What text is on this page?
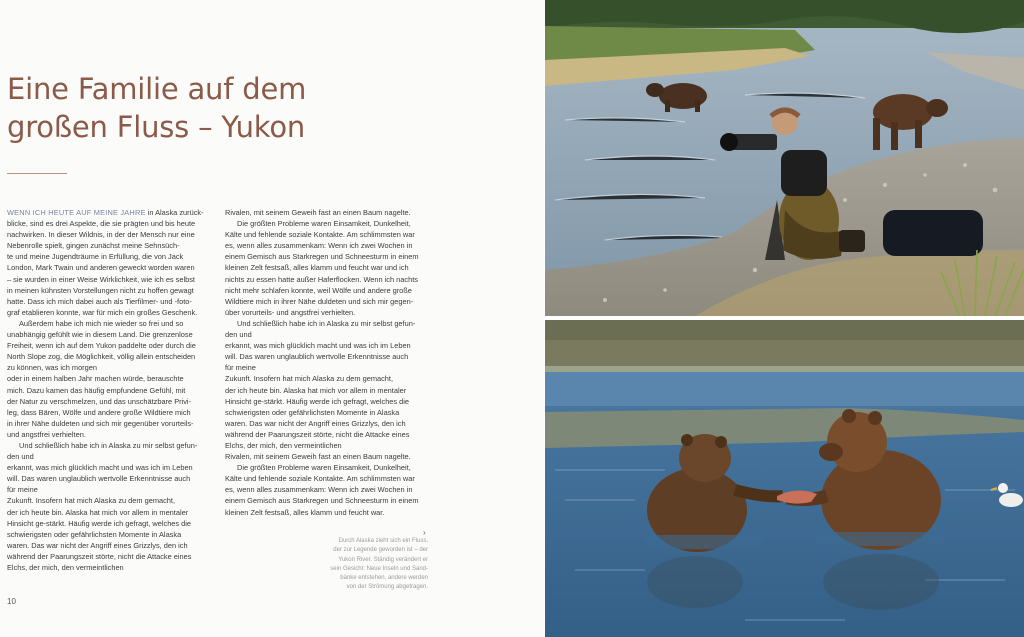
Eine Familie auf dem
großen Fluss – Yukon

WENN ICH HEUTE AUF MEINE JAHRE in Alaska zurück-
blicke, sind es drei Aspekte, die sie prägten und bis heute
nachwirken. In dieser Wildnis, in der der Mensch nur eine
Nebenrolle spielt, gingen zunächst meine Sehnsüch-
te und meine Jugendträume in Erfüllung, die von Jack
London, Mark Twain und anderen geweckt worden waren
– sie wurden in einer Weise Wirklichkeit, wie ich es selbst
in meinen kühnsten Vorstellungen nicht zu hoffen gewagt
hatte. Dass ich mich dabei auch als Tierfilmer- und -foto-
graf etablieren konnte, war für mich ein großes Geschenk.

Außerdem habe ich mich nie wieder so frei und so
unabhängig gefühlt wie in diesem Land. Die grenzenlose
Freiheit, wenn ich auf dem Yukon paddelte oder durch die
North Slope zog, die Möglichkeit, völlig allein entscheiden
zu können, was ich morgen
oder in einem halben Jahr machen würde, berauschte
mich. Dazu kamen das häufig empfundene Gefühl, mit
der Natur zu verschmelzen, und das unschätzbare Privi-
leg, dass Bären, Wölfe und andere große Wildtiere mich
in ihrer Nähe duldeten und sich mir gegenüber vorurteils-
und angstfrei verhielten.

Und schließlich habe ich in Alaska zu mir selbst gefun-
den und
erkannt, was mich glücklich macht und was ich im Leben
will. Das waren unglaublich wertvolle Erkenntnisse auch
für meine
Zukunft. Insofern hat mich Alaska zu dem gemacht,
der ich heute bin. Alaska hat mich vor allem in mentaler
Hinsicht ge-stärkt. Häufig werde ich gefragt, welches die
schwierigsten oder gefährlichsten Momente in Alaska
waren. Das war nicht der Angriff eines Grizzlys, den ich
während der Paarungszeit störte, nicht die Attacke eines
Elchs, der mich, den vermeintlichen

Rivalen, mit seinem Geweih fast an einen Baum nagelte.

Die größten Probleme waren Einsamkeit, Dunkelheit,
Kälte und fehlende soziale Kontakte. Am schlimmsten war
es, wenn alles zusammenkam: Wenn ich zwei Wochen in
einem Gemisch aus Starkregen und Schneesturm in einem
kleinen Zelt festsaß, alles klamm und feucht war und ich
nichts zu essen hatte außer Haferflocken. Wenn ich nachts
nicht mehr schlafen konnte, weil Wölfe und andere große
Wildtiere mich in ihrer Nähe duldeten und sich mir gegen-
über vorurteils- und angstfrei verhielten.

Und schließlich habe ich in Alaska zu mir selbst gefun-
den und
erkannt, was mich glücklich macht und was ich im Leben
will. Das waren unglaublich wertvolle Erkenntnisse auch
für meine
Zukunft. Insofern hat mich Alaska zu dem gemacht,
der ich heute bin. Alaska hat mich vor allem in mentaler
Hinsicht ge-stärkt. Häufig werde ich gefragt, welches die
schwierigsten oder gefährlichsten Momente in Alaska
waren. Das war nicht der Angriff eines Grizzlys, den ich
während der Paarungszeit störte, nicht die Attacke eines
Elchs, der mich, den vermeintlichen
Rivalen, mit seinem Geweih fast an einen Baum nagelte.

Die größten Probleme waren Einsamkeit, Dunkelheit,
Kälte und fehlende soziale Kontakte. Am schlimmsten war
es, wenn alles zusammenkam: Wenn ich zwei Wochen in
einem Gemisch aus Starkregen und Schneesturm in einem
kleinen Zelt festsaß, alles klamm und feucht war.

›

Durch Alaska zieht sich ein Fluss,

der zur Legende geworden ist – der

Yukon River. Ständig verändert er

sein Gesicht: Neue Inseln und Sand-

bänke entstehen, andere werden

von der Strömung abgetragen.

10
